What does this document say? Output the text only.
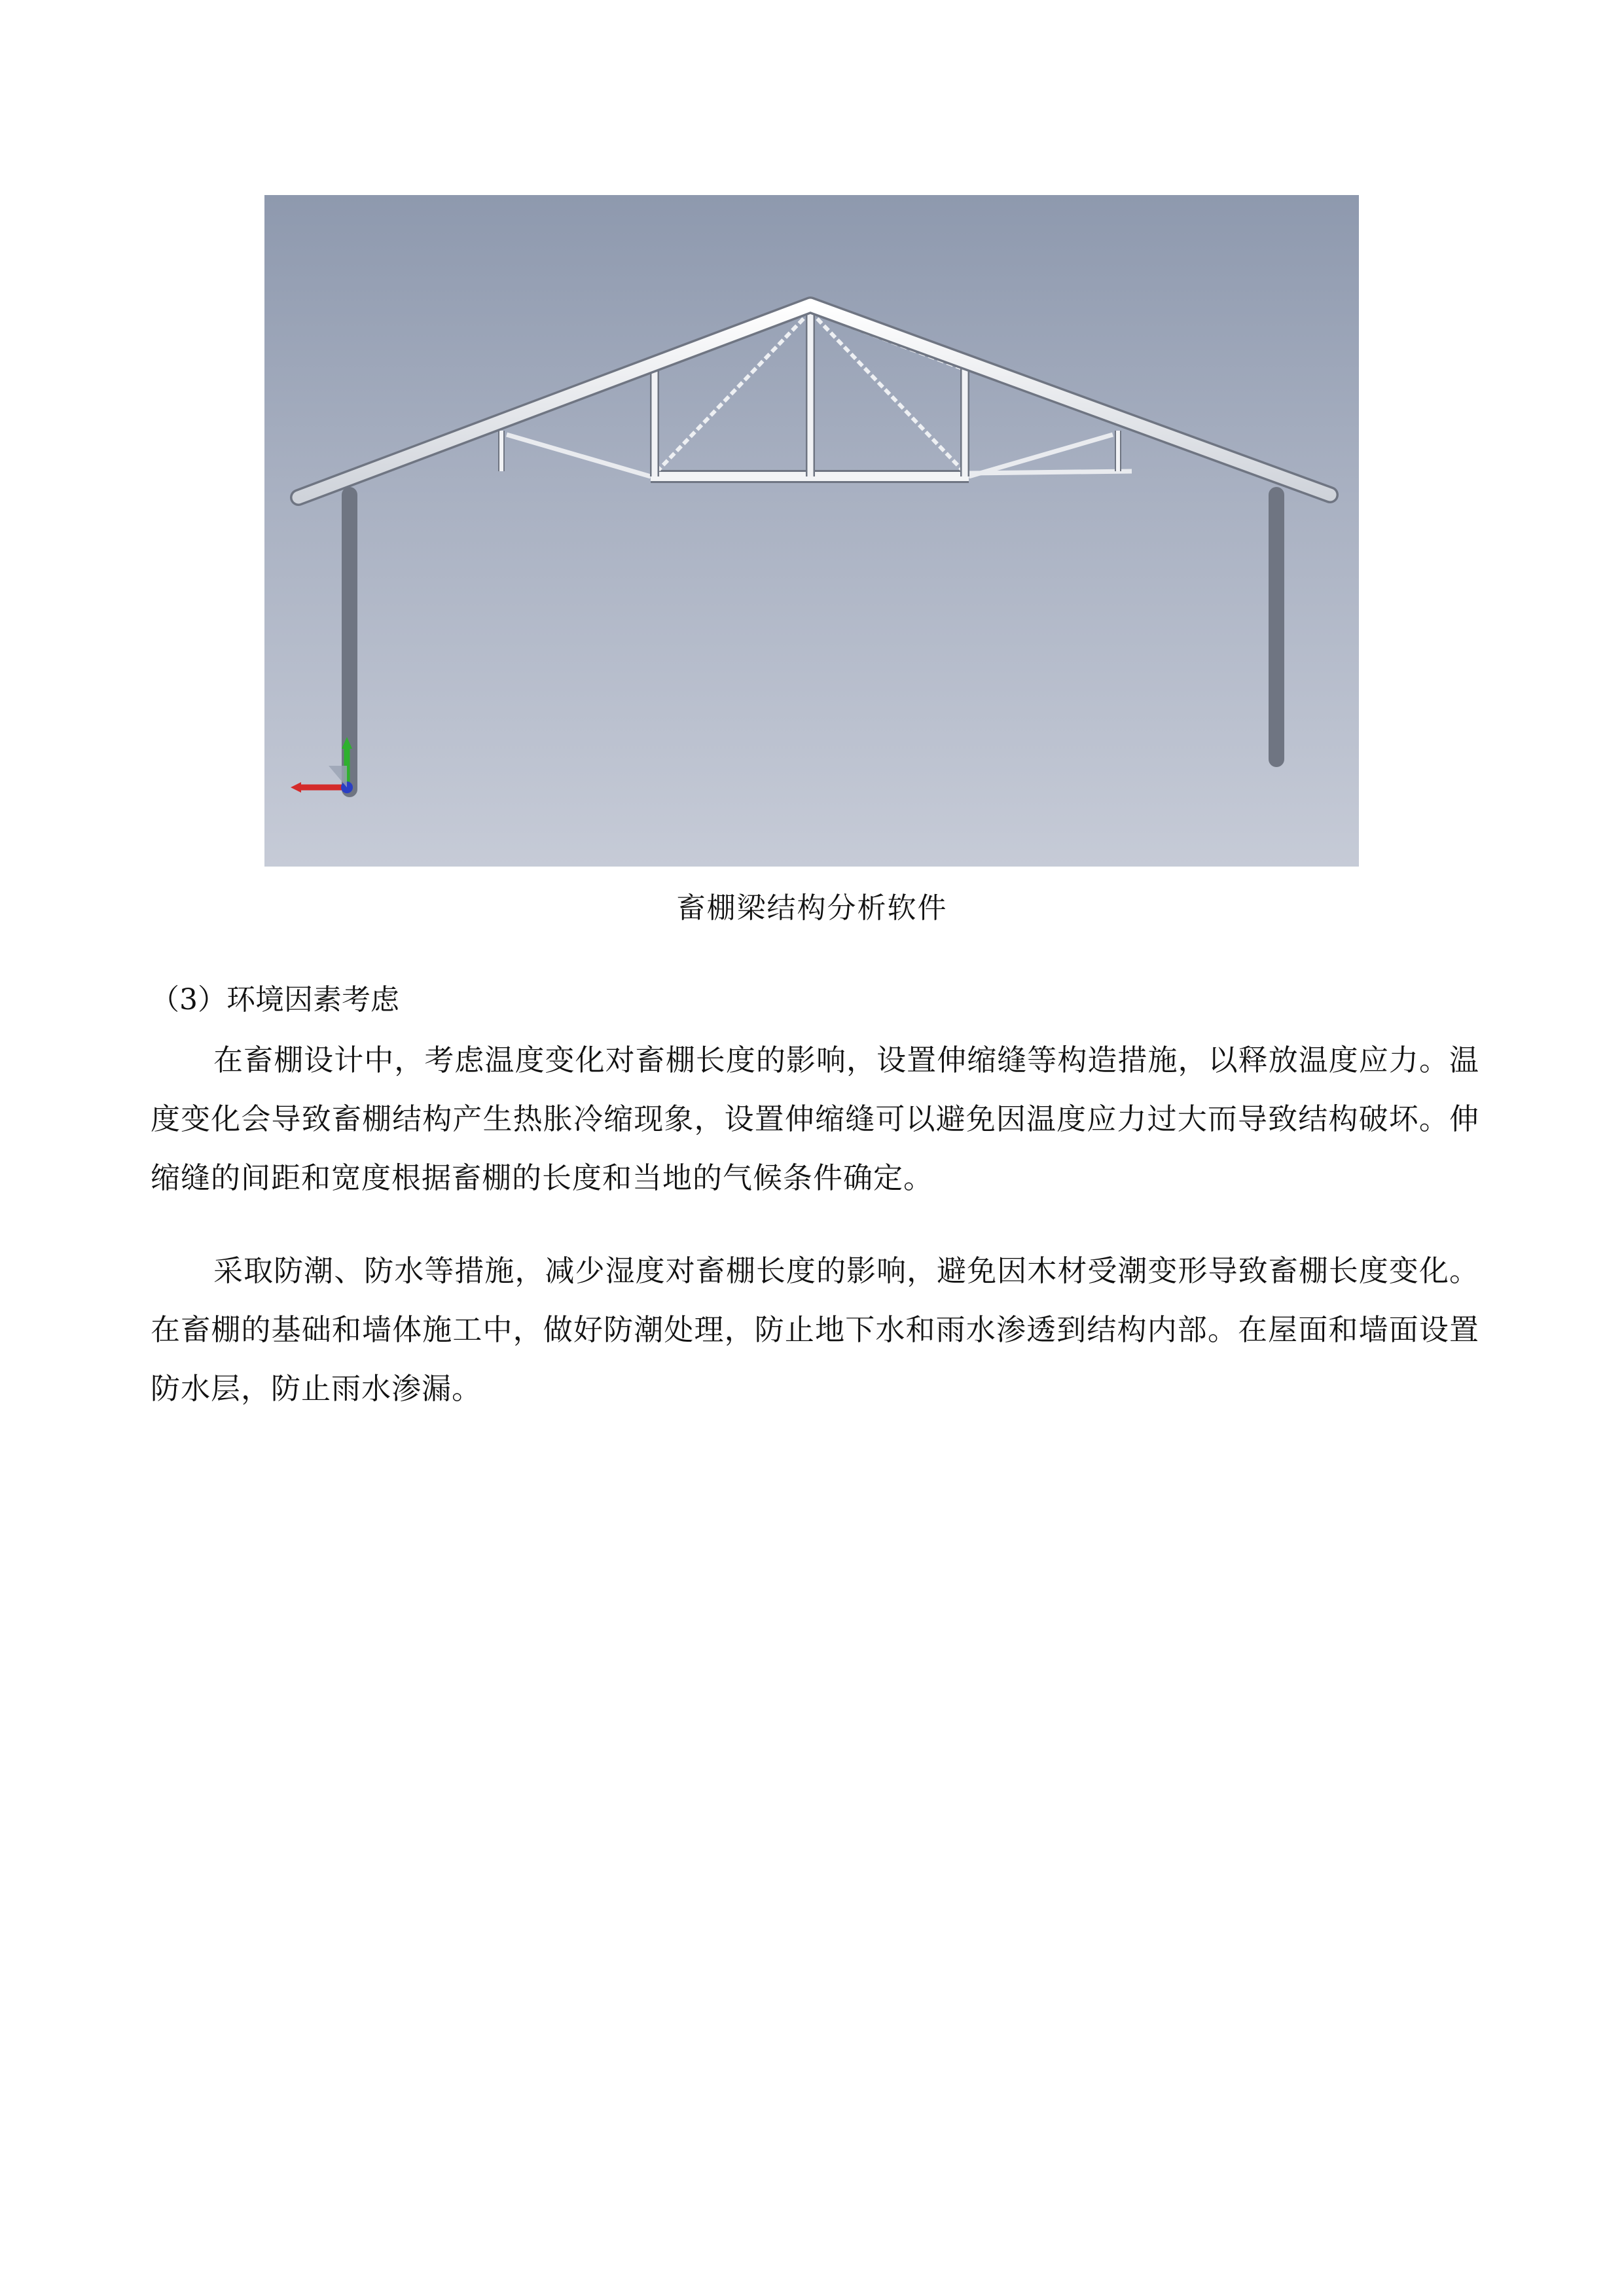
畜棚梁结构分析软件
（3）环境因素考虑

在畜棚设计中，考虑温度变化对畜棚长度的影响，设置伸缩缝等构造措施，以释放温度应力。温度变化会导致畜棚结构产生热胀冷缩现象，设置伸缩缝可以避免因温度应力过大而导致结构破坏。伸缩缝的间距和宽度根据畜棚的长度和当地的气候条件确定。

采取防潮、防水等措施，减少湿度对畜棚长度的影响，避免因木材受潮变形导致畜棚长度变化。在畜棚的基础和墙体施工中，做好防潮处理，防止地下水和雨水渗透到结构内部。在屋面和墙面设置防水层，防止雨水渗漏。
